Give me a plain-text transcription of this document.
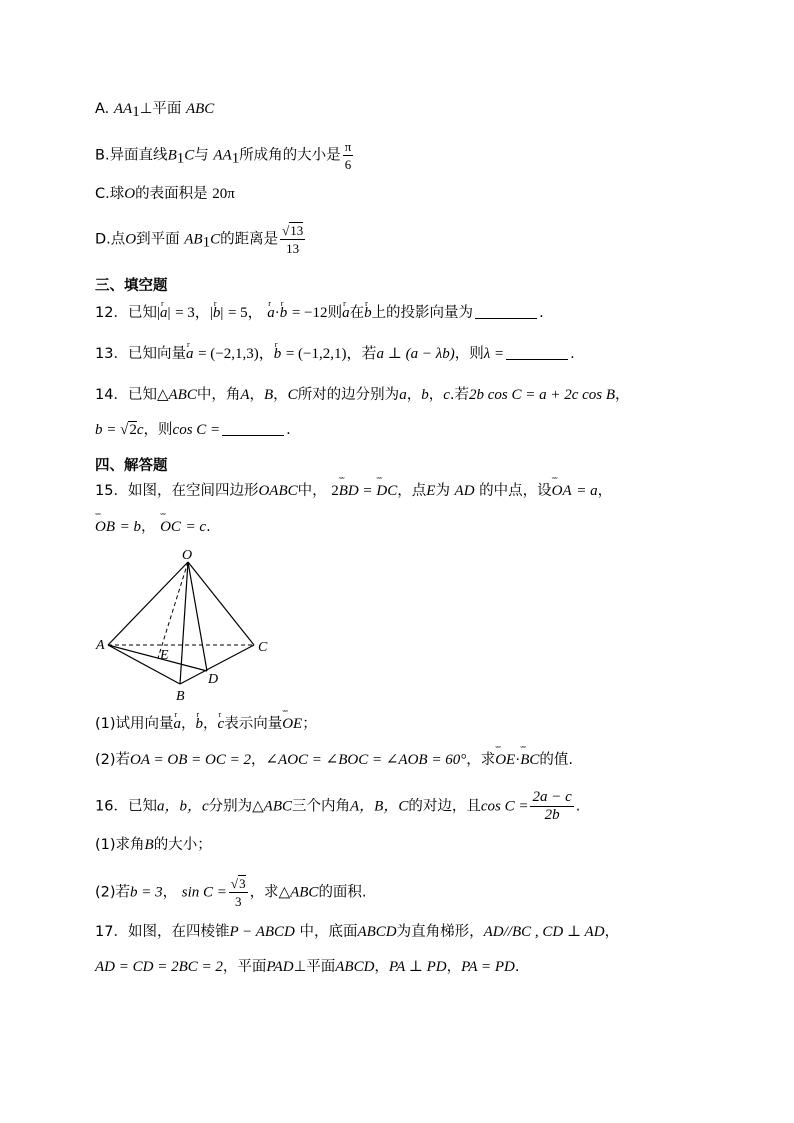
A. $AA_1\perp$平面 ABC
B.异面直线$B_1C$与 $AA_1$所成角的大小是 $\frac{\pi}{6}$
C.球O的表面积是 20π
D.点O到平面 $AB_1C$的距离是 $\frac{√13}{13}$
三、填空题
12．已知|r a| = 3，|r b| = 5， r a·r b = −12则r a在r b上的投影向量为	.
13．已知向量r a = (−2,1,3)，r b = (−1,2,1)，若a ⊥ (a − λb)，则λ =	.
14．已知△ABC中，角A，B，C所对的边分别为a，b，c.若2b cos C = a + 2c cos B，
b = √2c，则cos C =	.
四、解答题
15．如图，在空间四边形OABC中， 2ˇˇˇ BD = ˇˇˇ DC，点E为 AD 的中点，设ˇˇˇ OA = a，
ˇˇˇ OB = b， ˇˇˇ OC = c.
O
A	C
E
D
B
(1)试用向量r a，r b，r c表示向量ˇˇˇ OE；
(2)若OA = OB = OC = 2，∠AOC = ∠BOC = ∠AOB = 60°，求ˇˇˇ OE·ˇˇˇ BC的值.
16．已知a，b，c分别为△ABC三个内角A，B，C的对边，且$\cos C = \frac{2a - c}{2b}$ .
(1)求角B的大小；
(2)若b = 3， $\sin C = \frac{√3}{3}$ ，求△ABC的面积.
17．如图，在四棱锥P − ABCD 中，底面ABCD为直角梯形，AD//BC , CD ⊥ AD，
AD = CD = 2BC = 2，平面PAD⊥平面ABCD，PA ⊥ PD，PA = PD.
